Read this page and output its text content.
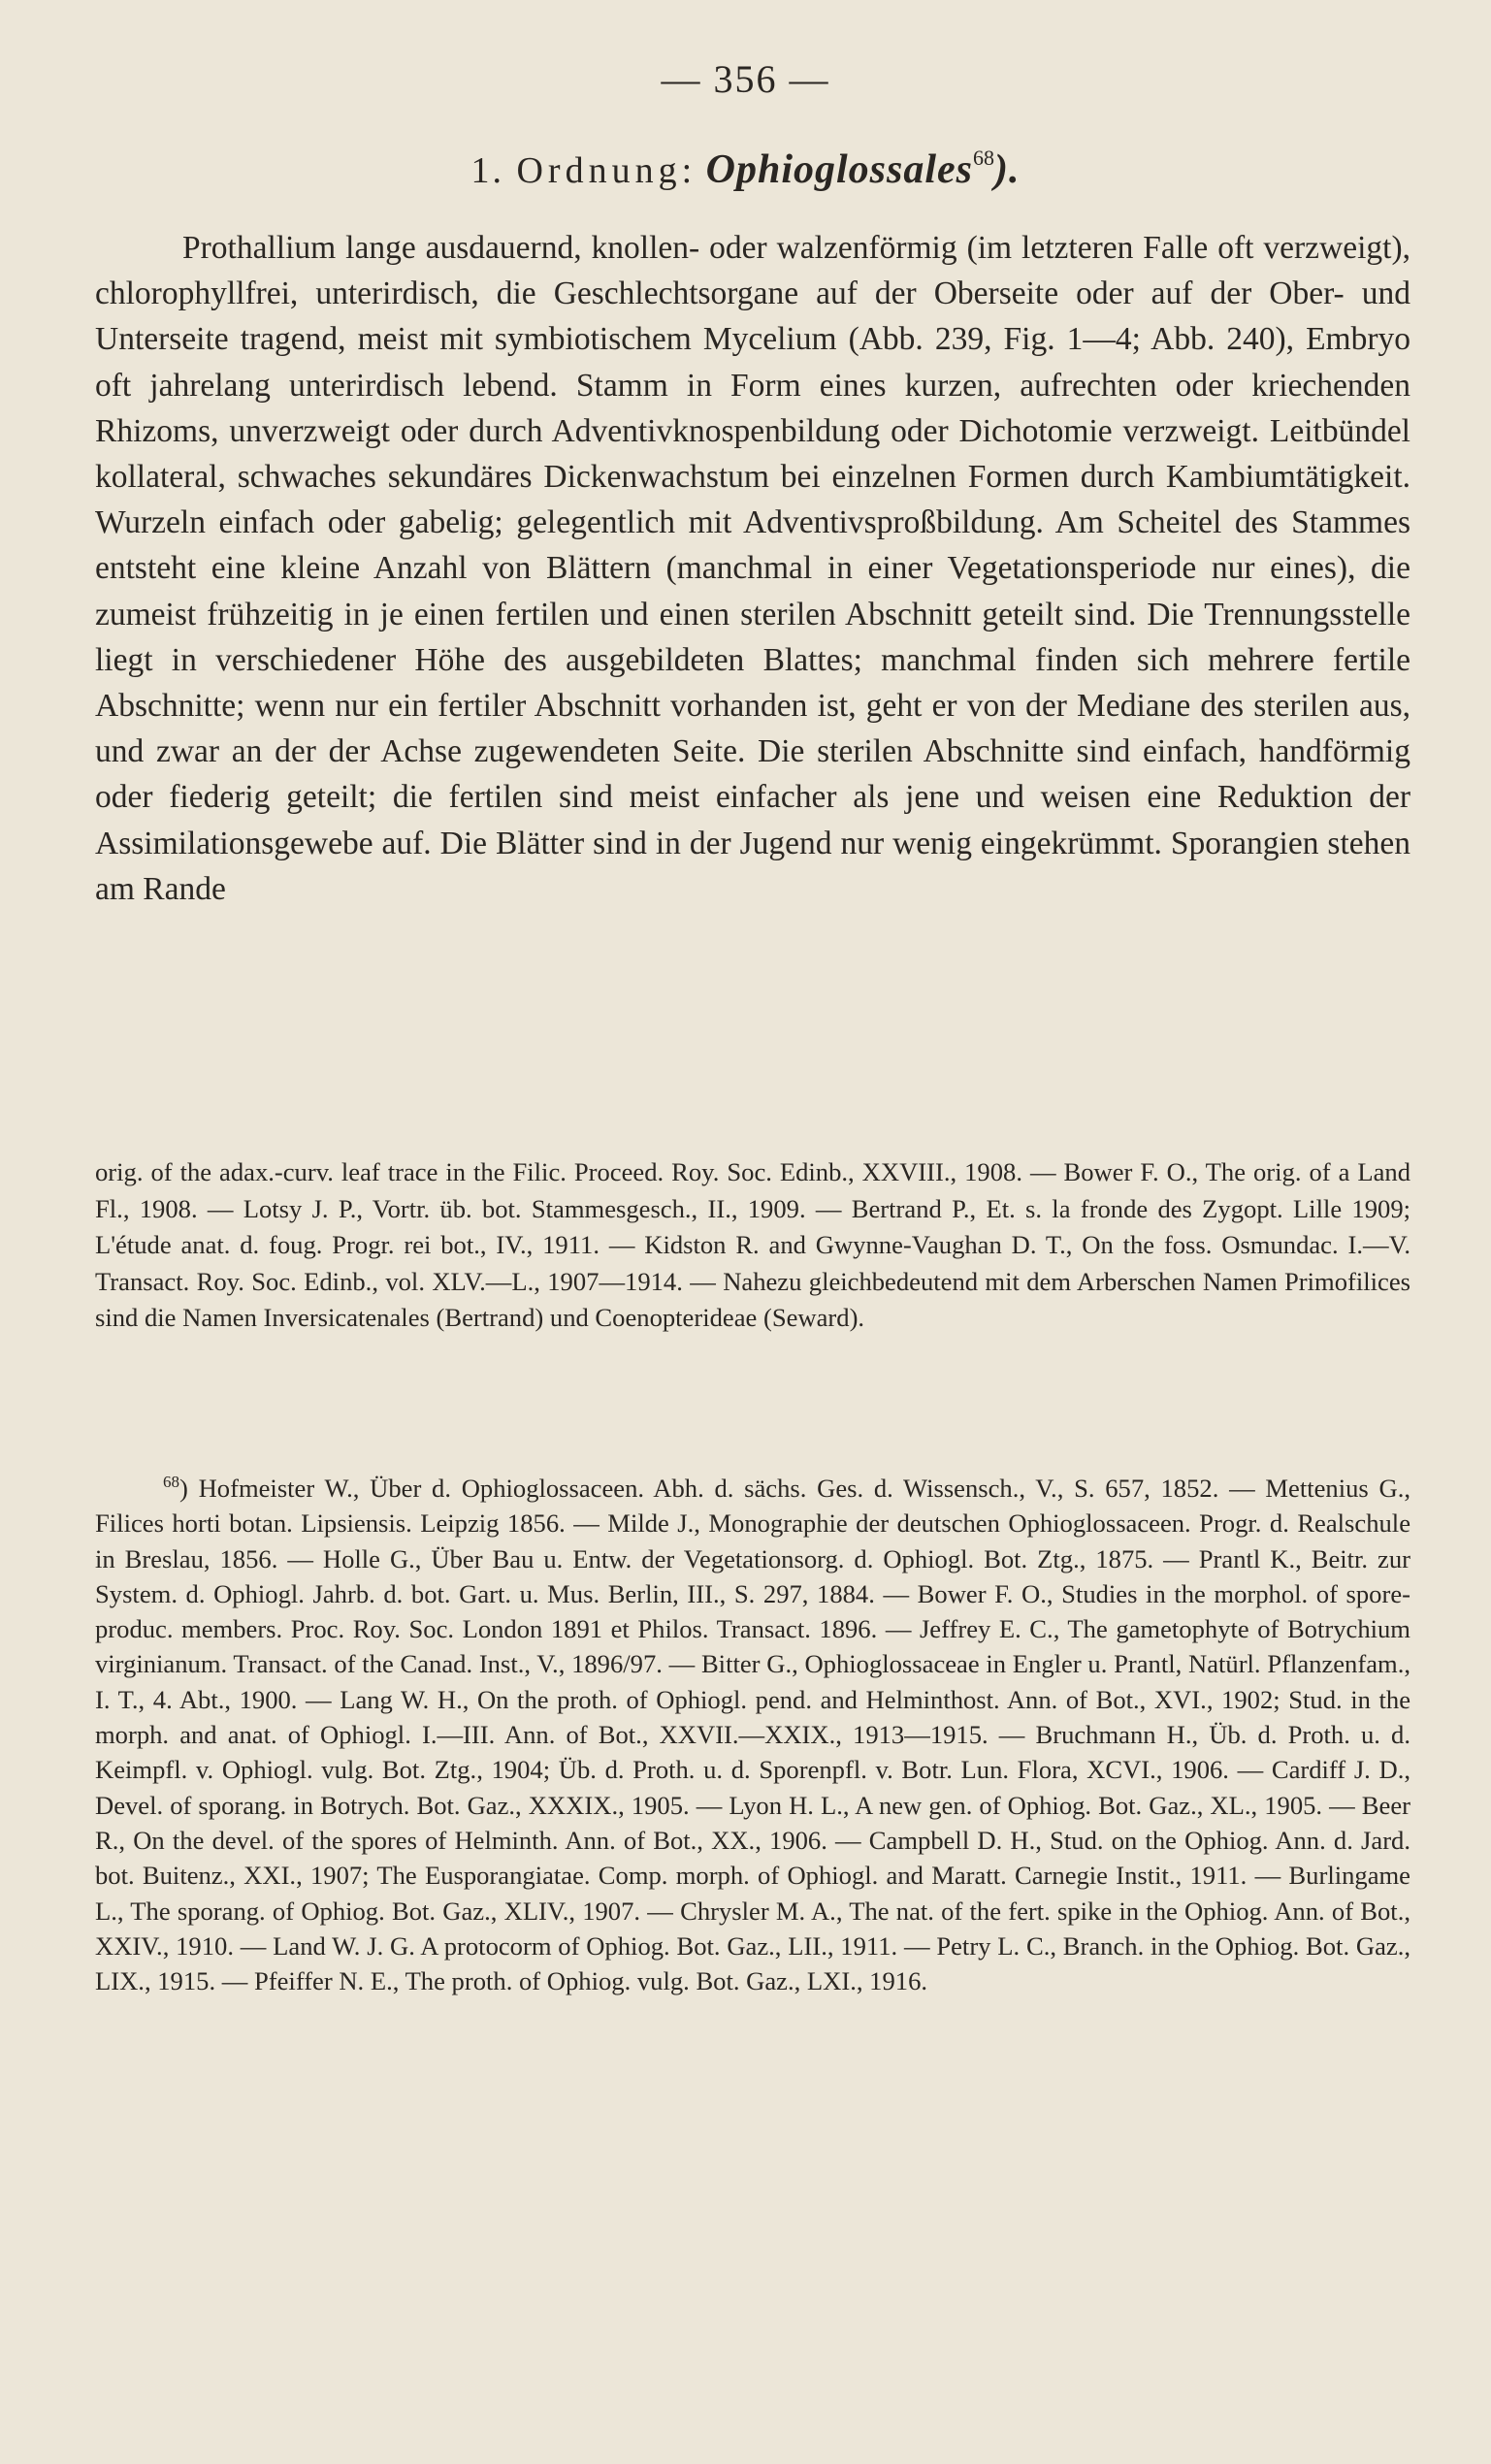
— 356 —
1. Ordnung: Ophioglossales$^{68}$).

Prothallium lange ausdauernd, knollen- oder walzenförmig (im letzteren Falle oft verzweigt), chlorophyllfrei, unterirdisch, die Geschlechtsorgane auf der Oberseite oder auf der Ober- und Unterseite tragend, meist mit symbiotischem Mycelium (Abb. 239, Fig. 1—4; Abb. 240), Embryo oft jahrelang unterirdisch lebend. Stamm in Form eines kurzen, aufrechten oder kriechenden Rhizoms, unverzweigt oder durch Adventivknospenbildung oder Dichotomie verzweigt. Leitbündel kollateral, schwaches sekundäres Dickenwachstum bei einzelnen Formen durch Kambiumtätigkeit. Wurzeln einfach oder gabelig; gelegentlich mit Adventivsproßbildung. Am Scheitel des Stammes entsteht eine kleine Anzahl von Blättern (manchmal in einer Vegetationsperiode nur eines), die zumeist frühzeitig in je einen fertilen und einen sterilen Abschnitt geteilt sind. Die Trennungsstelle liegt in verschiedener Höhe des ausgebildeten Blattes; manchmal finden sich mehrere fertile Abschnitte; wenn nur ein fertiler Abschnitt vorhanden ist, geht er von der Mediane des sterilen aus, und zwar an der der Achse zugewendeten Seite. Die sterilen Abschnitte sind einfach, handförmig oder fiederig geteilt; die fertilen sind meist einfacher als jene und weisen eine Reduktion der Assimilationsgewebe auf. Die Blätter sind in der Jugend nur wenig eingekrümmt. Sporangien stehen am Rande

orig. of the adax.-curv. leaf trace in the Filic. Proceed. Roy. Soc. Edinb., XXVIII., 1908. — Bower F. O., The orig. of a Land Fl., 1908. — Lotsy J. P., Vortr. üb. bot. Stammesgesch., II., 1909. — Bertrand P., Et. s. la fronde des Zygopt. Lille 1909; L'étude anat. d. foug. Progr. rei bot., IV., 1911. — Kidston R. and Gwynne-Vaughan D. T., On the foss. Osmundac. I.—V. Transact. Roy. Soc. Edinb., vol. XLV.—L., 1907—1914. — Nahezu gleichbedeutend mit dem Arberschen Namen Primofilices sind die Namen Inversicatenales (Bertrand) und Coenopterideae (Seward).

$^{68}$) Hofmeister W., Über d. Ophioglossaceen. Abh. d. sächs. Ges. d. Wissensch., V., S. 657, 1852. — Mettenius G., Filices horti botan. Lipsiensis. Leipzig 1856. — Milde J., Monographie der deutschen Ophioglossaceen. Progr. d. Realschule in Breslau, 1856. — Holle G., Über Bau u. Entw. der Vegetationsorg. d. Ophiogl. Bot. Ztg., 1875. — Prantl K., Beitr. zur System. d. Ophiogl. Jahrb. d. bot. Gart. u. Mus. Berlin, III., S. 297, 1884. — Bower F. O., Studies in the morphol. of spore-produc. members. Proc. Roy. Soc. London 1891 et Philos. Transact. 1896. — Jeffrey E. C., The gametophyte of Botrychium virginianum. Transact. of the Canad. Inst., V., 1896/97. — Bitter G., Ophioglossaceae in Engler u. Prantl, Natürl. Pflanzenfam., I. T., 4. Abt., 1900. — Lang W. H., On the proth. of Ophiogl. pend. and Helminthost. Ann. of Bot., XVI., 1902; Stud. in the morph. and anat. of Ophiogl. I.—III. Ann. of Bot., XXVII.—XXIX., 1913—1915. — Bruchmann H., Üb. d. Proth. u. d. Keimpfl. v. Ophiogl. vulg. Bot. Ztg., 1904; Üb. d. Proth. u. d. Sporenpfl. v. Botr. Lun. Flora, XCVI., 1906. — Cardiff J. D., Devel. of sporang. in Botrych. Bot. Gaz., XXXIX., 1905. — Lyon H. L., A new gen. of Ophiog. Bot. Gaz., XL., 1905. — Beer R., On the devel. of the spores of Helminth. Ann. of Bot., XX., 1906. — Campbell D. H., Stud. on the Ophiog. Ann. d. Jard. bot. Buitenz., XXI., 1907; The Eusporangiatae. Comp. morph. of Ophiogl. and Maratt. Carnegie Instit., 1911. — Burlingame L., The sporang. of Ophiog. Bot. Gaz., XLIV., 1907. — Chrysler M. A., The nat. of the fert. spike in the Ophiog. Ann. of Bot., XXIV., 1910. — Land W. J. G. A protocorm of Ophiog. Bot. Gaz., LII., 1911. — Petry L. C., Branch. in the Ophiog. Bot. Gaz., LIX., 1915. — Pfeiffer N. E., The proth. of Ophiog. vulg. Bot. Gaz., LXI., 1916.
